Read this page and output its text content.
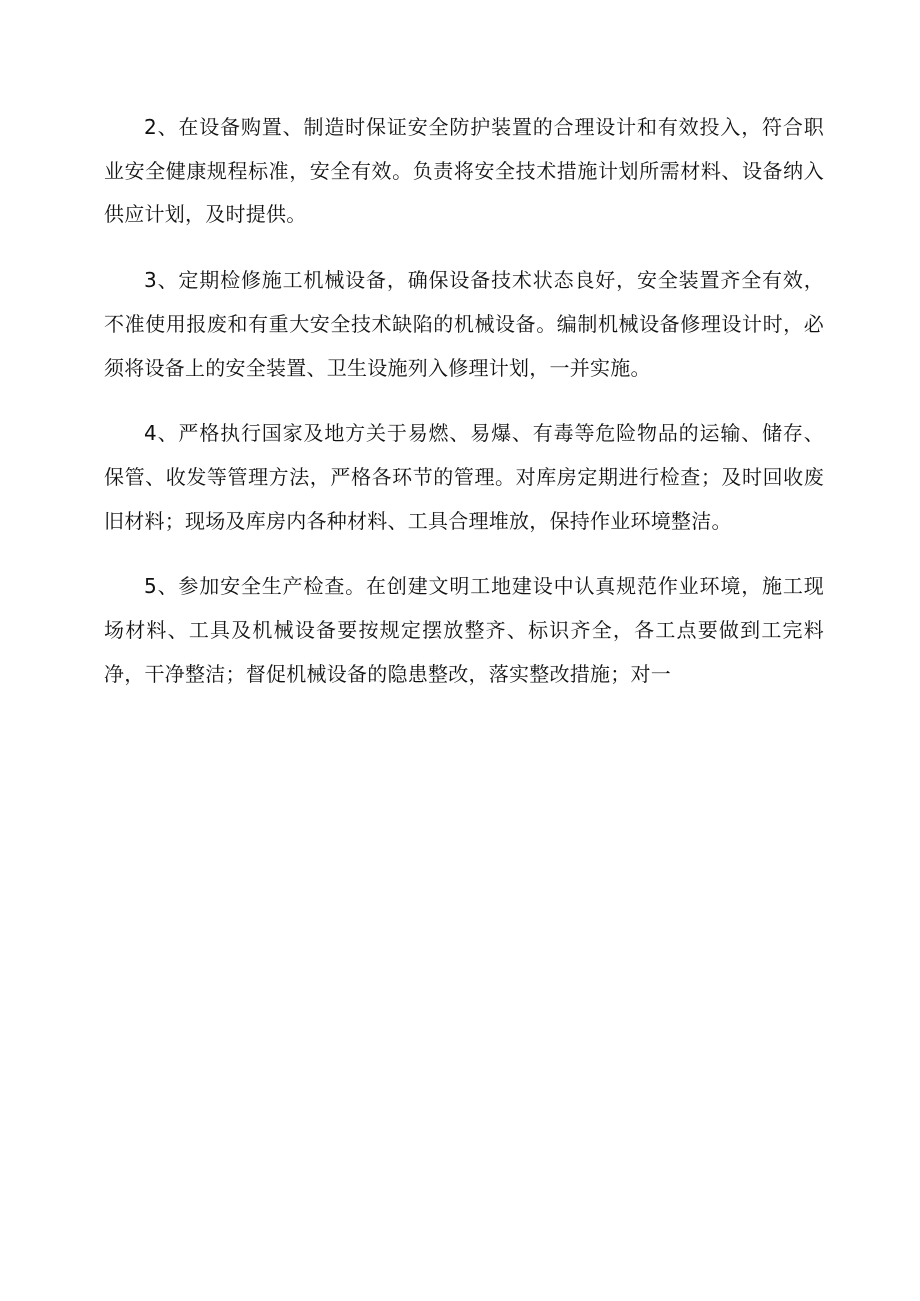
2、在设备购置、制造时保证安全防护装置的合理设计和有效投入，符合职业安全健康规程标准，安全有效。负责将安全技术措施计划所需材料、设备纳入供应计划，及时提供。

3、定期检修施工机械设备，确保设备技术状态良好，安全装置齐全有效，不准使用报废和有重大安全技术缺陷的机械设备。编制机械设备修理设计时，必须将设备上的安全装置、卫生设施列入修理计划，一并实施。

4、严格执行国家及地方关于易燃、易爆、有毒等危险物品的运输、储存、保管、收发等管理方法，严格各环节的管理。对库房定期进行检查；及时回收废旧材料；现场及库房内各种材料、工具合理堆放，保持作业环境整洁。

5、参加安全生产检查。在创建文明工地建设中认真规范作业环境，施工现场材料、工具及机械设备要按规定摆放整齐、标识齐全，各工点要做到工完料净，干净整洁；督促机械设备的隐患整改，落实整改措施；对一
